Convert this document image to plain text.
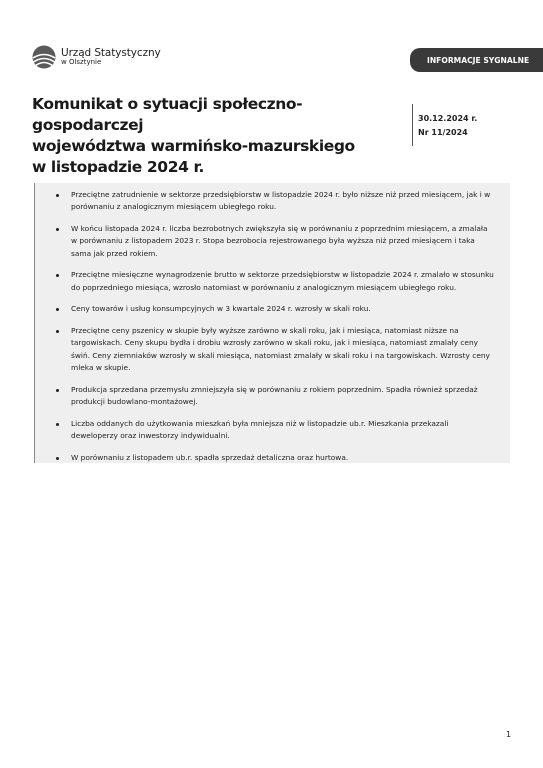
Urząd Statystyczny
w Olsztynie	INFORMACJE SYGNALNE
Komunikat o sytuacji społeczno-gospodarczej
województwa warmińsko-mazurskiego
w listopadzie 2024 r.
30.12.2024 r.
Nr 11/2024
Przeciętne zatrudnienie w sektorze przedsiębiorstw w listopadzie 2024 r. było niższe niż przed miesiącem, jak i w porównaniu z analogicznym miesiącem ubiegłego roku.
W końcu listopada 2024 r. liczba bezrobotnych zwiększyła się w porównaniu z poprzednim miesiącem, a zmalała w porównaniu z listopadem 2023 r. Stopa bezrobocia rejestrowanego była wyższa niż przed miesiącem i taka sama jak przed rokiem.
Przeciętne miesięczne wynagrodzenie brutto w sektorze przedsiębiorstw w listopadzie 2024 r. zmalało w stosunku do poprzedniego miesiąca, wzrosło natomiast w porównaniu z analogicznym miesiącem ubiegłego roku.
Ceny towarów i usług konsumpcyjnych w 3 kwartale 2024 r. wzrosły w skali roku.
Przeciętne ceny pszenicy w skupie były wyższe zarówno w skali roku, jak i miesiąca, natomiast niższe na targowiskach. Ceny skupu bydła i drobiu wzrosły zarówno w skali roku, jak i miesiąca, natomiast zmalały ceny świń. Ceny ziemniaków wzrosły w skali miesiąca, natomiast zmalały w skali roku i na targowiskach. Wzrosty ceny mleka w skupie.
Produkcja sprzedana przemysłu zmniejszyła się w porównaniu z rokiem poprzednim. Spadła również sprzedaż produkcji budowlano-montażowej.
Liczba oddanych do użytkowania mieszkań była mniejsza niż w listopadzie ub.r. Mieszkania przekazali deweloperzy oraz inwestorzy indywidualni.
W porównaniu z listopadem ub.r. spadła sprzedaż detaliczna oraz hurtowa.
1
